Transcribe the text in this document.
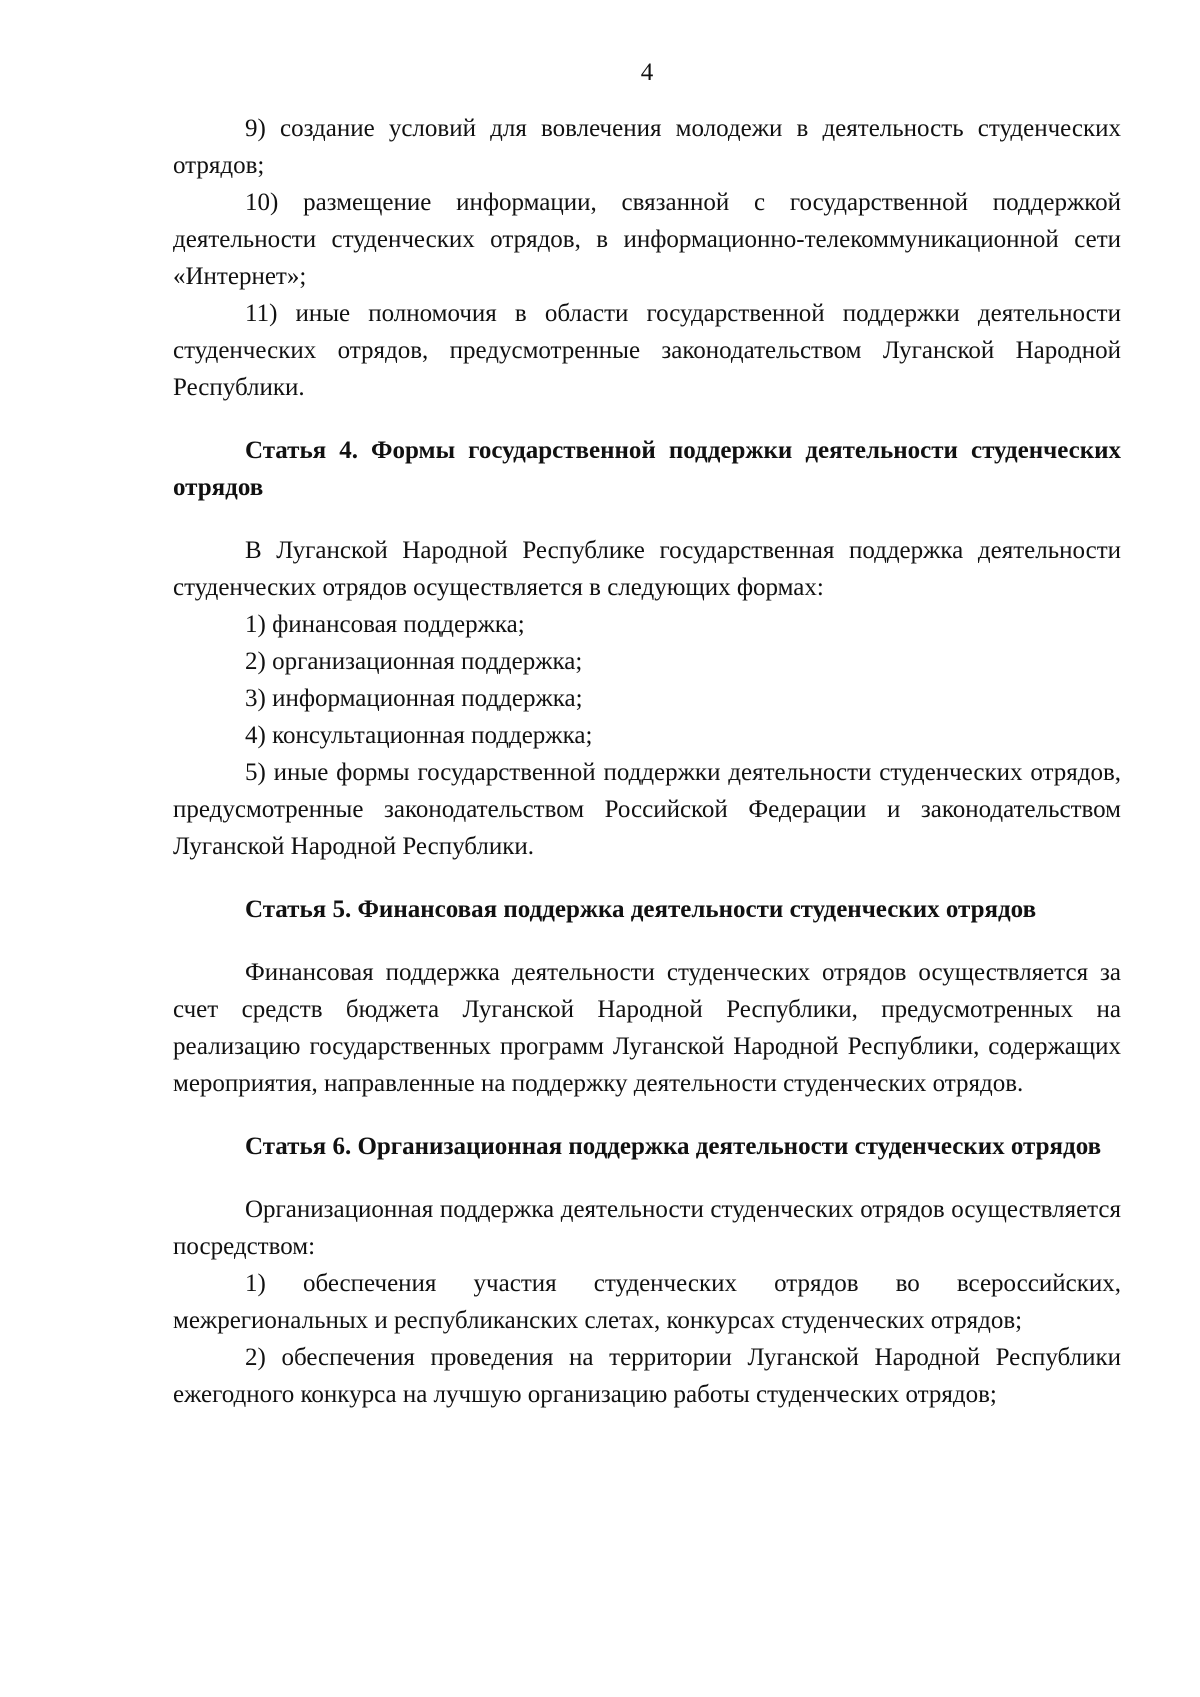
4

9) создание условий для вовлечения молодежи в деятельность студенческих отрядов;

10) размещение информации, связанной с государственной поддержкой деятельности студенческих отрядов, в информационно-телекоммуникационной сети «Интернет»;

11) иные полномочия в области государственной поддержки деятельности студенческих отрядов, предусмотренные законодательством Луганской Народной Республики.

Статья 4. Формы государственной поддержки деятельности студенческих отрядов

В Луганской Народной Республике государственная поддержка деятельности студенческих отрядов осуществляется в следующих формах:

1) финансовая поддержка;

2) организационная поддержка;

3) информационная поддержка;

4) консультационная поддержка;

5) иные формы государственной поддержки деятельности студенческих отрядов, предусмотренные законодательством Российской Федерации и законодательством Луганской Народной Республики.

Статья 5. Финансовая поддержка деятельности студенческих отрядов

Финансовая поддержка деятельности студенческих отрядов осуществляется за счет средств бюджета Луганской Народной Республики, предусмотренных на реализацию государственных программ Луганской Народной Республики, содержащих мероприятия, направленные на поддержку деятельности студенческих отрядов.

Статья 6. Организационная поддержка деятельности студенческих отрядов

Организационная поддержка деятельности студенческих отрядов осуществляется посредством:

1) обеспечения участия студенческих отрядов во всероссийских, межрегиональных и республиканских слетах, конкурсах студенческих отрядов;

2) обеспечения проведения на территории Луганской Народной Республики ежегодного конкурса на лучшую организацию работы студенческих отрядов;
